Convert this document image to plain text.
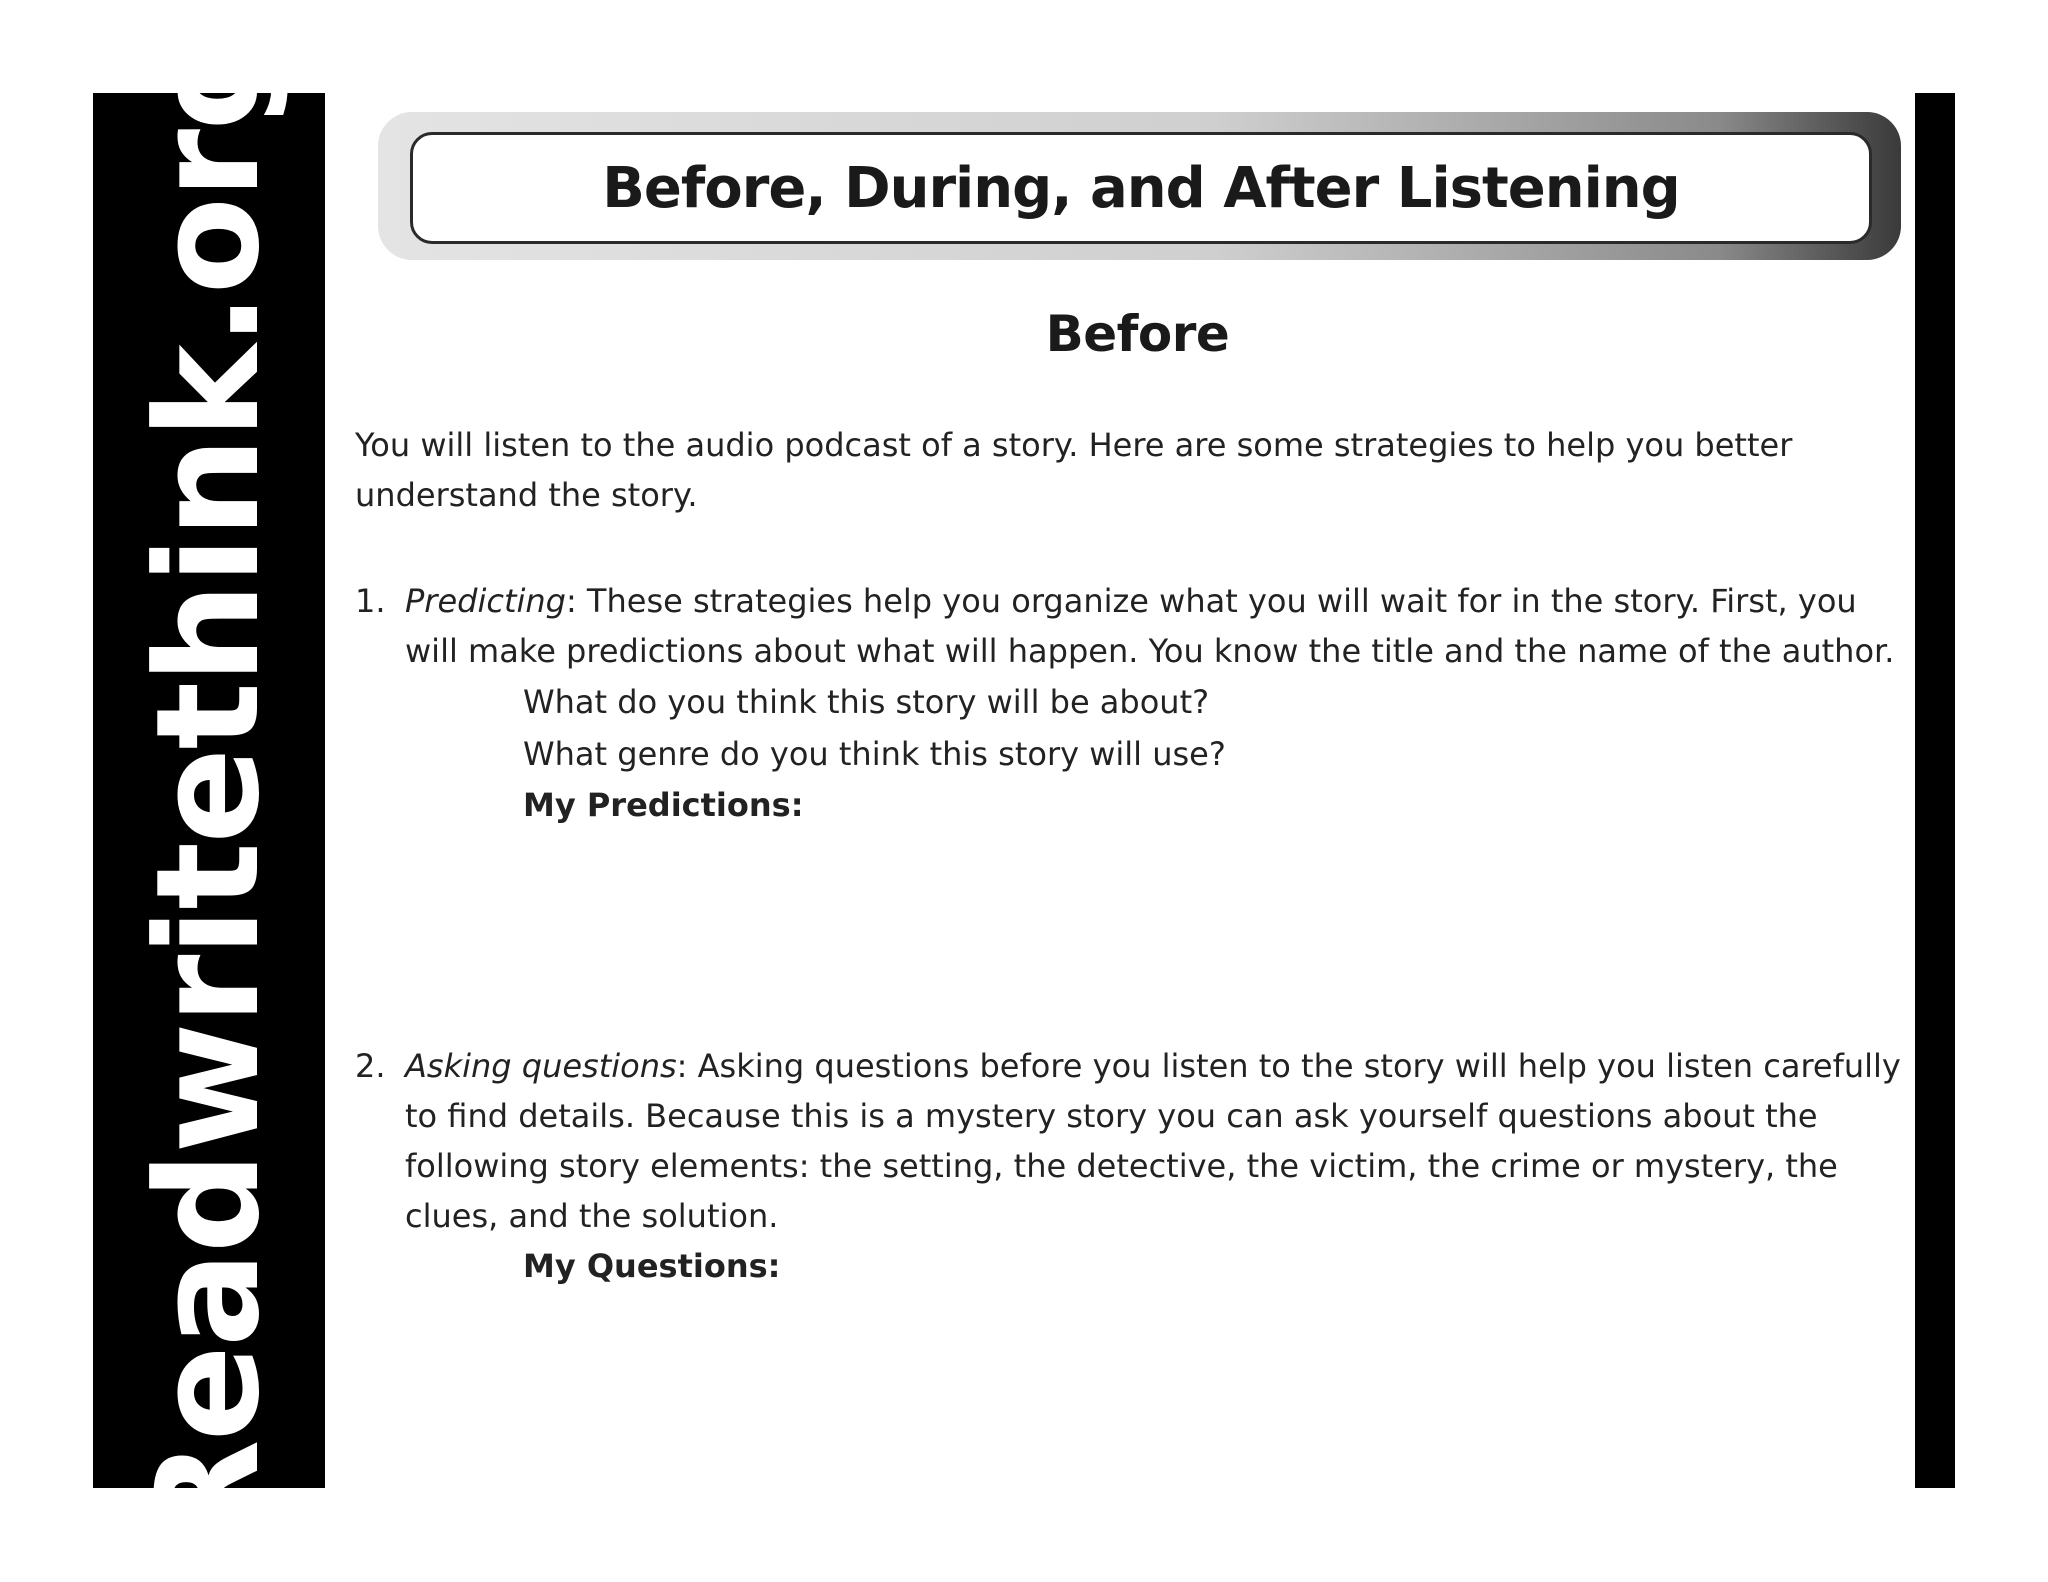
Readwritethink.org	Before, During, and After Listening
Before
You will listen to the audio podcast of a story. Here are some strategies to help you better understand the story.
1. Predicting: These strategies help you organize what you will wait for in the story. First, you will make predictions about what will happen. You know the title and the name of the author.
What do you think this story will be about?
What genre do you think this story will use?
My Predictions:
2. Asking questions: Asking questions before you listen to the story will help you listen carefully to find details. Because this is a mystery story you can ask yourself questions about the following story elements: the setting, the detective, the victim, the crime or mystery, the clues, and the solution.
My Questions:
